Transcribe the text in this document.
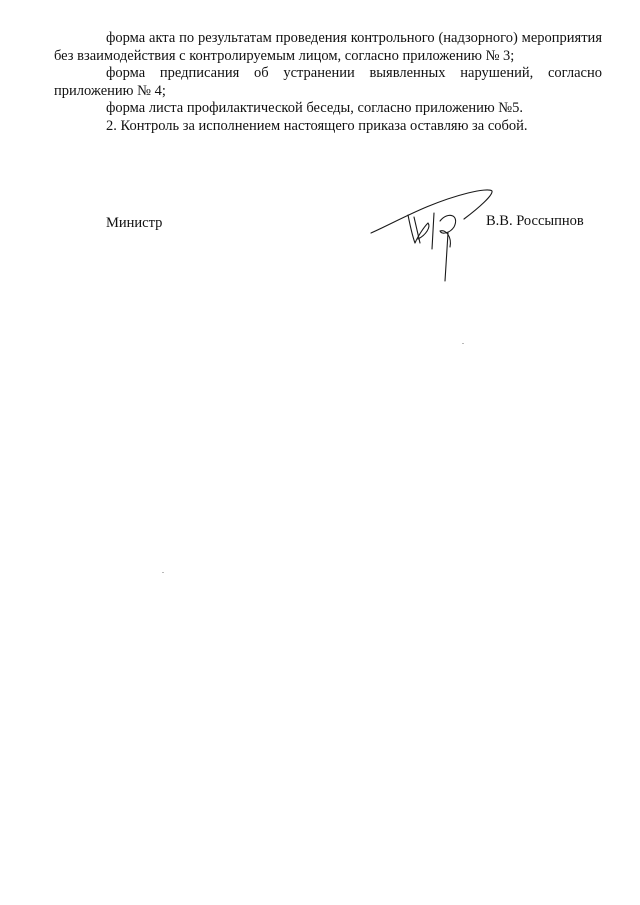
форма акта по результатам проведения контрольного (надзорного) мероприятия без взаимодействия с контролируемым лицом, согласно приложению № 3;

форма предписания об устранении выявленных нарушений, согласно приложению № 4;

форма листа профилактической беседы, согласно приложению №5.

2. Контроль за исполнением настоящего приказа оставляю за собой.

Министр	В.В. Россыпнов
